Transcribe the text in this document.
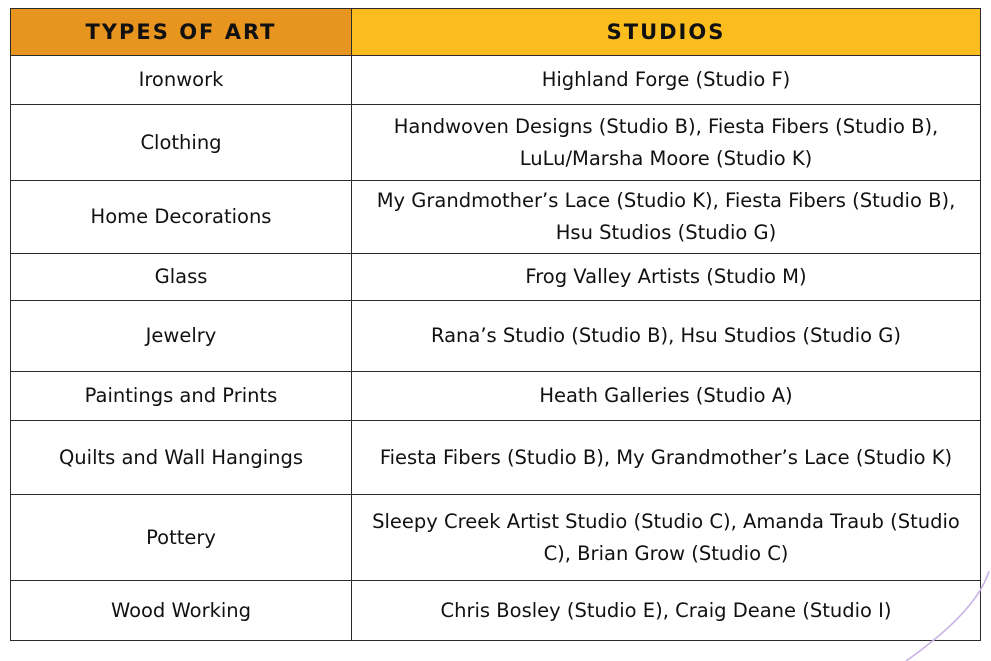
TYPES OF ART	STUDIOS
Ironwork	Highland Forge (Studio F)
Clothing	Handwoven Designs (Studio B), Fiesta Fibers (Studio B), LuLu/Marsha Moore (Studio K)
Home Decorations	My Grandmother’s Lace (Studio K), Fiesta Fibers (Studio B), Hsu Studios (Studio G)
Glass	Frog Valley Artists (Studio M)
Jewelry	Rana’s Studio (Studio B), Hsu Studios (Studio G)
Paintings and Prints	Heath Galleries (Studio A)
Quilts and Wall Hangings	Fiesta Fibers (Studio B), My Grandmother’s Lace (Studio K)
Pottery	Sleepy Creek Artist Studio (Studio C), Amanda Traub (Studio C), Brian Grow (Studio C)
Wood Working	Chris Bosley (Studio E), Craig Deane (Studio I)
